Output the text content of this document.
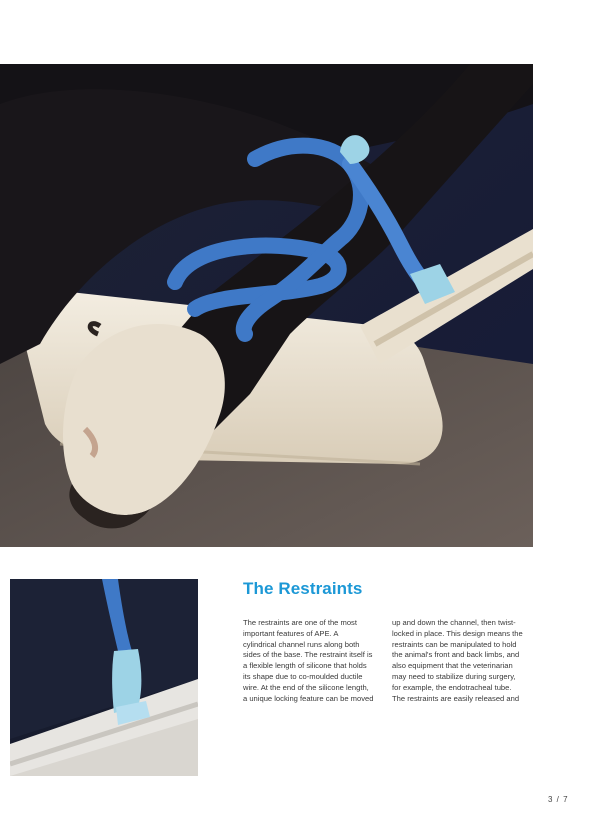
The Restraints
The restraints are one of the most
important features of APE. A
cylindrical channel runs along both
sides of the base. The restraint itself is
a flexible length of silicone that holds
its shape due to co-moulded ductile
wire. At the end of the silicone length,
a unique locking feature can be moved
up and down the channel, then twist-
locked in place. This design means the
restraints can be manipulated to hold
the animal's front and back limbs, and
also equipment that the veterinarian
may need to stabilize during surgery,
for example, the endotracheal tube.
The restraints are easily released and
3 / 7
